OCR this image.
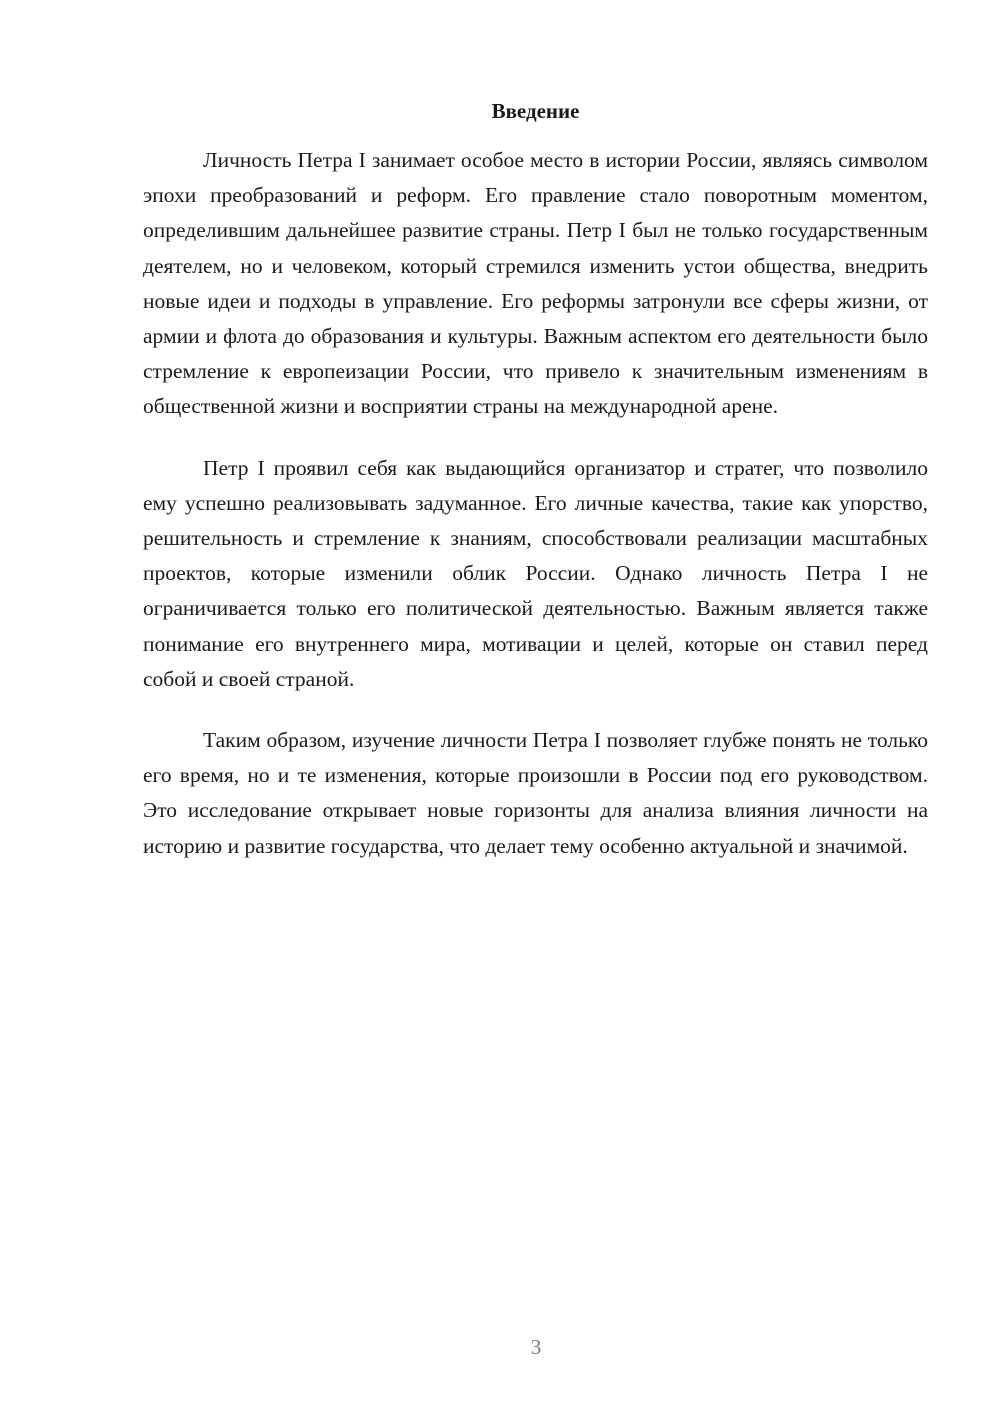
Введение

Личность Петра I занимает особое место в истории России, являясь символом эпохи преобразований и реформ. Его правление стало поворотным моментом, определившим дальнейшее развитие страны. Петр I был не только государственным деятелем, но и человеком, который стремился изменить устои общества, внедрить новые идеи и подходы в управление. Его реформы затронули все сферы жизни, от армии и флота до образования и культуры. Важным аспектом его деятельности было стремление к европеизации России, что привело к значительным изменениям в общественной жизни и восприятии страны на международной арене.

Петр I проявил себя как выдающийся организатор и стратег, что позволило ему успешно реализовывать задуманное. Его личные качества, такие как упорство, решительность и стремление к знаниям, способствовали реализации масштабных проектов, которые изменили облик России. Однако личность Петра I не ограничивается только его политической деятельностью. Важным является также понимание его внутреннего мира, мотивации и целей, которые он ставил перед собой и своей страной.

Таким образом, изучение личности Петра I позволяет глубже понять не только его время, но и те изменения, которые произошли в России под его руководством. Это исследование открывает новые горизонты для анализа влияния личности на историю и развитие государства, что делает тему особенно актуальной и значимой.

3
